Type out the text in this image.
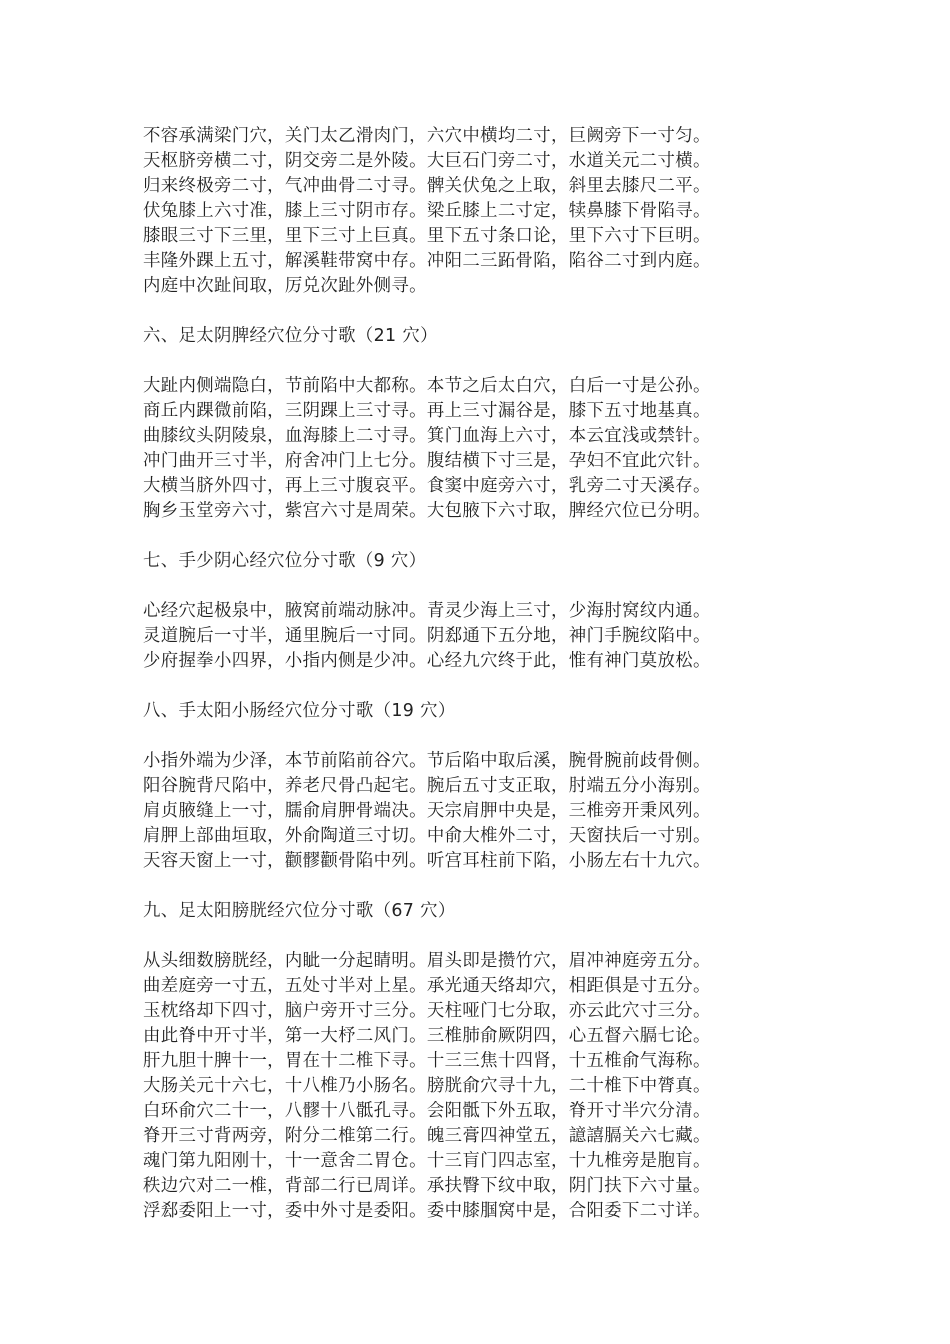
不容承满梁门穴，关门太乙滑肉门，六穴中横均二寸，巨阙旁下一寸匀。
天枢脐旁横二寸，阴交旁二是外陵。大巨石门旁二寸，水道关元二寸横。
归来终极旁二寸，气冲曲骨二寸寻。髀关伏兔之上取，斜里去膝尺二平。
伏兔膝上六寸准，膝上三寸阴市存。梁丘膝上二寸定，犊鼻膝下骨陷寻。
膝眼三寸下三里，里下三寸上巨真。里下五寸条口论，里下六寸下巨明。
丰隆外踝上五寸，解溪鞋带窝中存。冲阳二三跖骨陷，陷谷二寸到内庭。
内庭中次趾间取，厉兑次趾外侧寻。
六、足太阴脾经穴位分寸歌（21 穴）
大趾内侧端隐白，节前陷中大都称。本节之后太白穴，白后一寸是公孙。
商丘内踝微前陷，三阴踝上三寸寻。再上三寸漏谷是，膝下五寸地基真。
曲膝纹头阴陵泉，血海膝上二寸寻。箕门血海上六寸，本云宜浅或禁针。
冲门曲开三寸半，府舍冲门上七分。腹结横下寸三是，孕妇不宜此穴针。
大横当脐外四寸，再上三寸腹哀平。食窦中庭旁六寸，乳旁二寸天溪存。
胸乡玉堂旁六寸，紫宫六寸是周荣。大包腋下六寸取，脾经穴位已分明。
七、手少阴心经穴位分寸歌（9 穴）
心经穴起极泉中，腋窝前端动脉冲。青灵少海上三寸，少海肘窝纹内通。
灵道腕后一寸半，通里腕后一寸同。阴郄通下五分地，神门手腕纹陷中。
少府握拳小四界，小指内侧是少冲。心经九穴终于此，惟有神门莫放松。
八、手太阳小肠经穴位分寸歌（19 穴）
小指外端为少泽，本节前陷前谷穴。节后陷中取后溪，腕骨腕前歧骨侧。
阳谷腕背尺陷中，养老尺骨凸起宅。腕后五寸支正取，肘端五分小海别。
肩贞腋缝上一寸，臑俞肩胛骨端决。天宗肩胛中央是，三椎旁开秉风列。
肩胛上部曲垣取，外俞陶道三寸切。中俞大椎外二寸，天窗扶后一寸别。
天容天窗上一寸，颧髎颧骨陷中列。听宫耳柱前下陷，小肠左右十九穴。
九、足太阳膀胱经穴位分寸歌（67 穴）
从头细数膀胱经，内眦一分起睛明。眉头即是攒竹穴，眉冲神庭旁五分。
曲差庭旁一寸五，五处寸半对上星。承光通天络却穴，相距俱是寸五分。
玉枕络却下四寸，脑户旁开寸三分。天柱哑门七分取，亦云此穴寸三分。
由此脊中开寸半，第一大杼二风门。三椎肺俞厥阴四，心五督六膈七论。
肝九胆十脾十一，胃在十二椎下寻。十三三焦十四肾，十五椎俞气海称。
大肠关元十六七，十八椎乃小肠名。膀胱俞穴寻十九，二十椎下中膂真。
白环俞穴二十一，八髎十八骶孔寻。会阳骶下外五取，脊开寸半穴分清。
脊开三寸背两旁，附分二椎第二行。魄三膏四神堂五，譩譆膈关六七藏。
魂门第九阳刚十，十一意舍二胃仓。十三肓门四志室，十九椎旁是胞肓。
秩边穴对二一椎，背部二行已周详。承扶臀下纹中取，阴门扶下六寸量。
浮郄委阳上一寸，委中外寸是委阳。委中膝腘窝中是，合阳委下二寸详。
